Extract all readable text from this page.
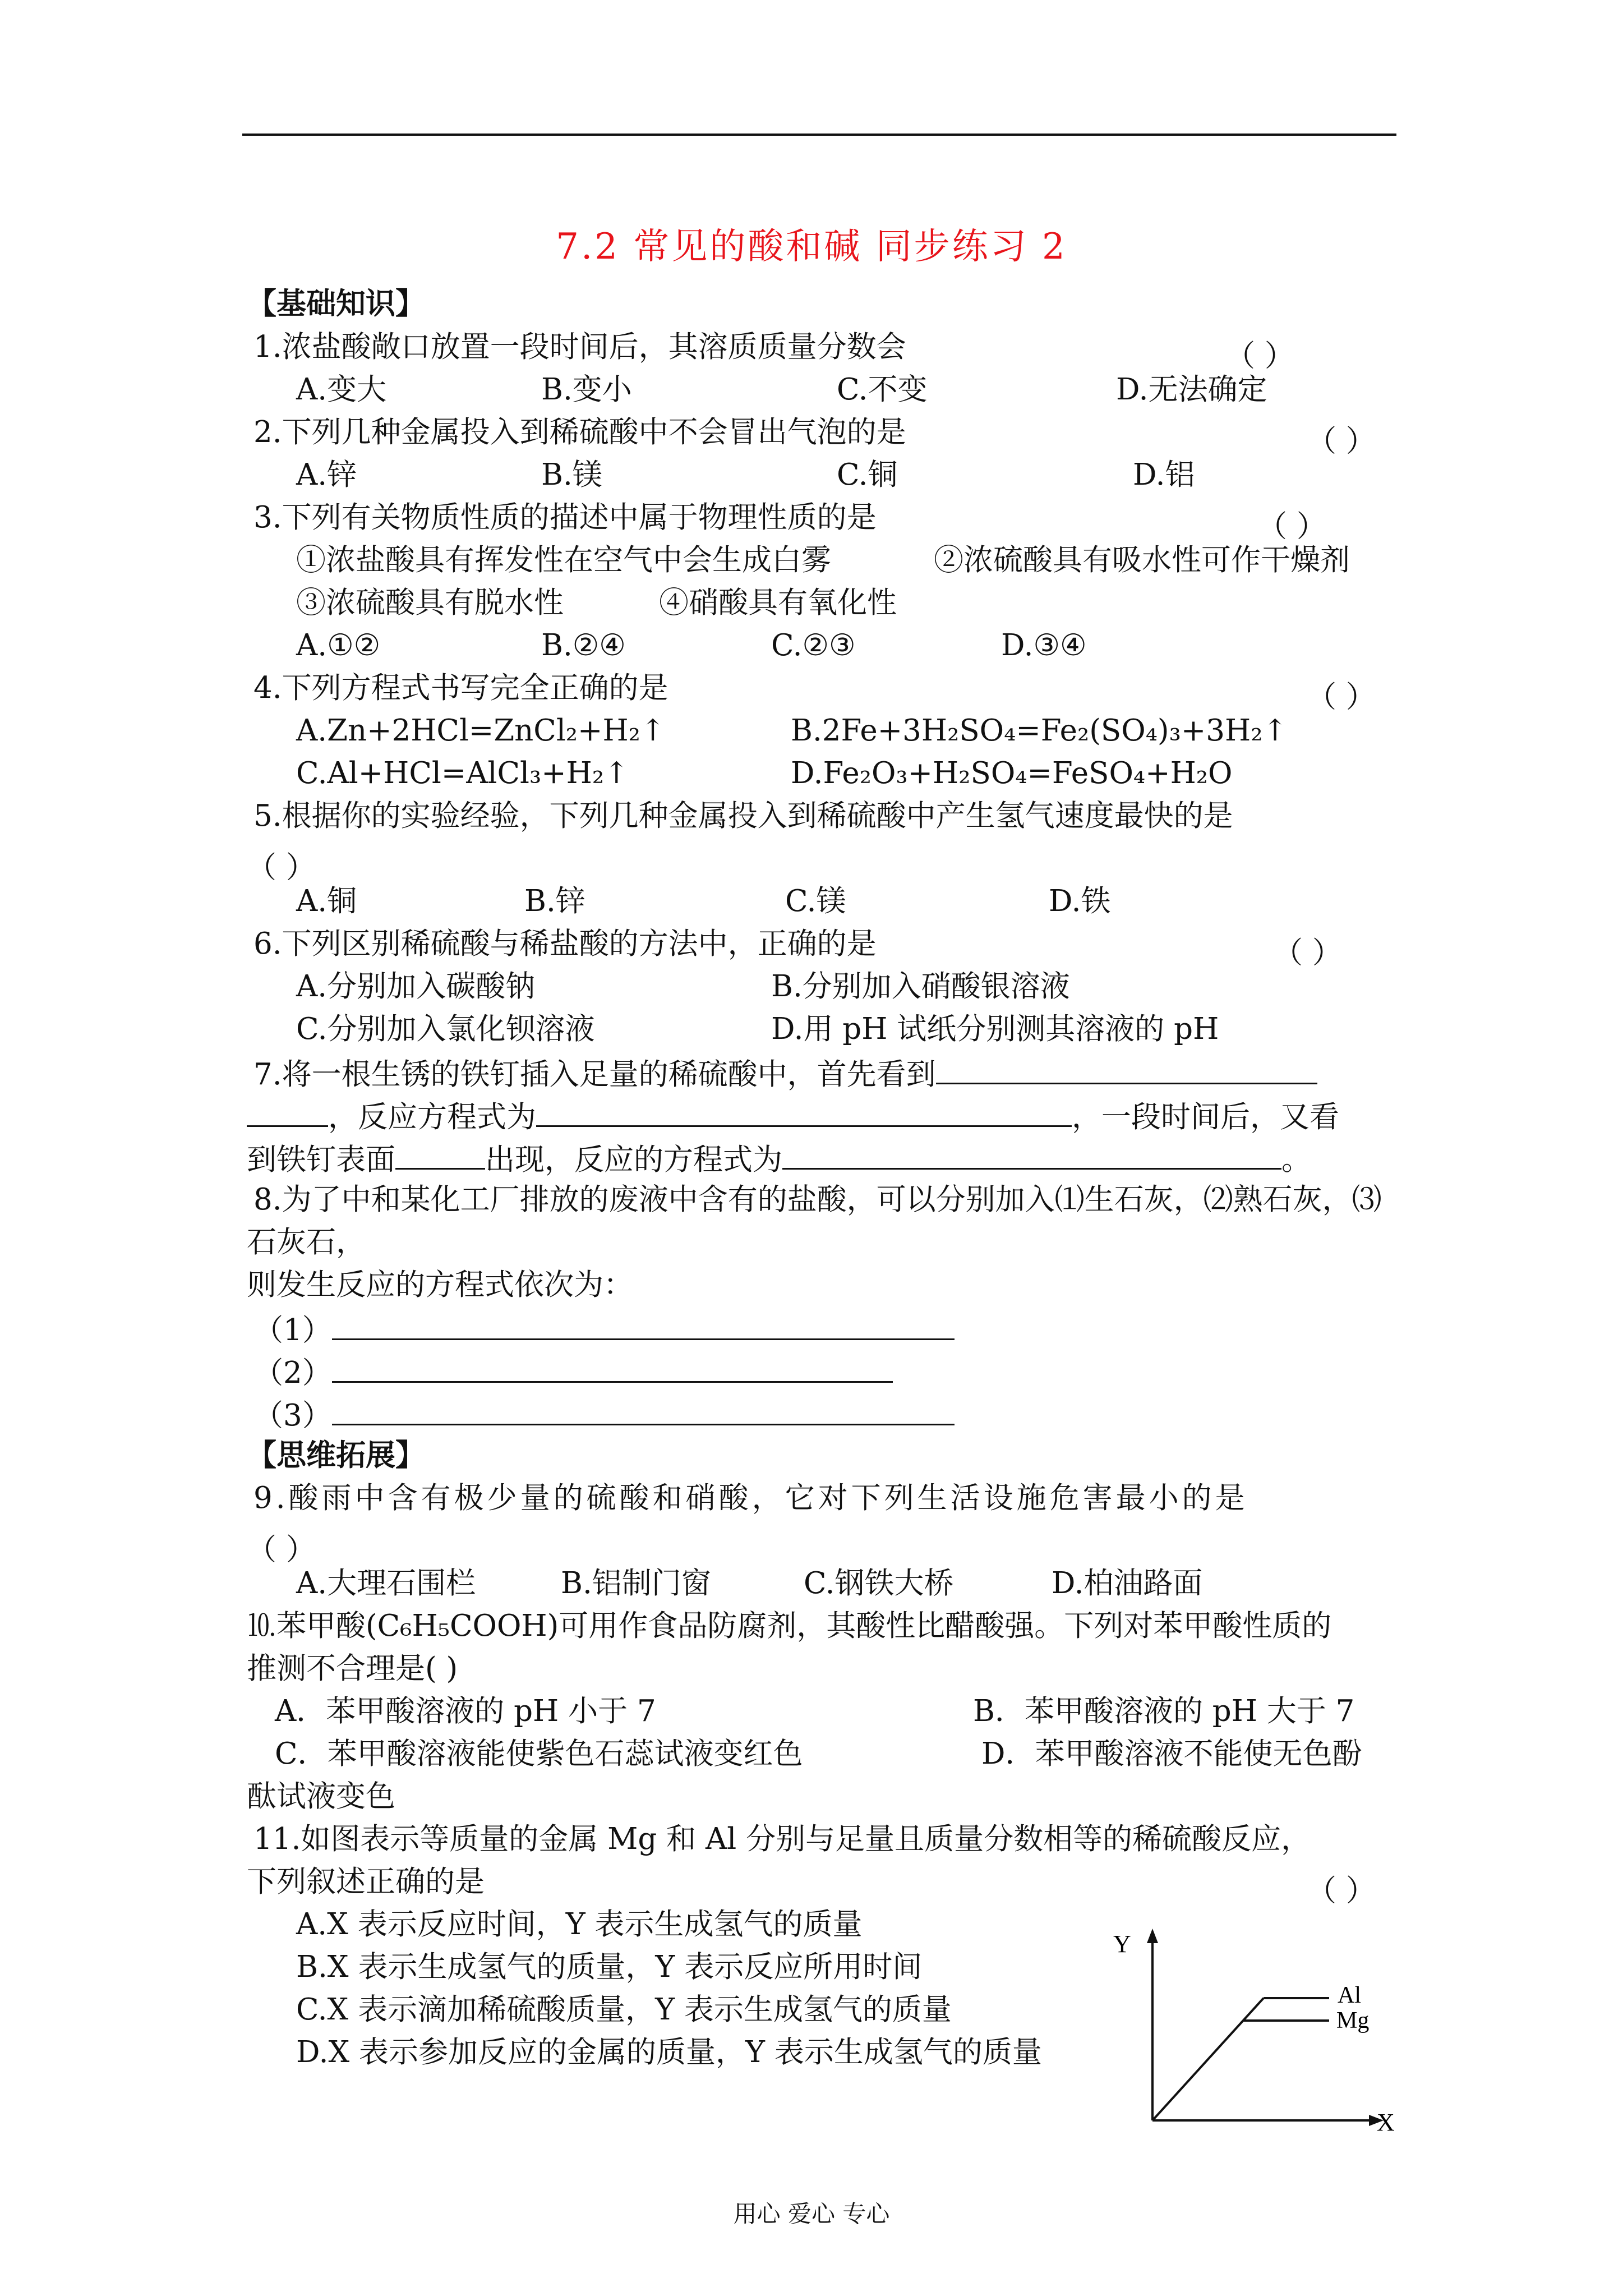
7.2 常见的酸和碱 同步练习 2
【基础知识】
1.浓盐酸敞口放置一段时间后，其溶质质量分数会	（ ）
A.变大	B.变小	C.不变	D.无法确定
2.下列几种金属投入到稀硫酸中不会冒出气泡的是	（ ）
A.锌	B.镁	C.铜	D.铝
3.下列有关物质性质的描述中属于物理性质的是	（ ）
①浓盐酸具有挥发性在空气中会生成白雾	②浓硫酸具有吸水性可作干燥剂
③浓硫酸具有脱水性	④硝酸具有氧化性
A.①②	B.②④	C.②③	D.③④
4.下列方程式书写完全正确的是	（ ）
A.Zn+2HCl=ZnCl₂+H₂↑	B.2Fe+3H₂SO₄=Fe₂(SO₄)₃+3H₂↑
C.Al+HCl=AlCl₃+H₂↑	D.Fe₂O₃+H₂SO₄=FeSO₄+H₂O
5.根据你的实验经验，下列几种金属投入到稀硫酸中产生氢气速度最快的是
（ ）
A.铜	B.锌	C.镁	D.铁
6.下列区别稀硫酸与稀盐酸的方法中，正确的是	（ ）
A.分别加入碳酸钠	B.分别加入硝酸银溶液
C.分别加入氯化钡溶液	D.用 pH 试纸分别测其溶液的 pH
7.将一根生锈的铁钉插入足量的稀硫酸中，首先看到
，反应方程式为	，一段时间后，又看
到铁钉表面	出现，反应的方程式为	。
8.为了中和某化工厂排放的废液中含有的盐酸，可以分别加入⑴生石灰，⑵熟石灰，⑶
石灰石，
则发生反应的方程式依次为：
（1）
（2）
（3）
【思维拓展】
9.酸雨中含有极少量的硫酸和硝酸，它对下列生活设施危害最小的是
（ ）
A.大理石围栏	B.铝制门窗	C.钢铁大桥	D.柏油路面
⒑苯甲酸(C₆H₅COOH)可用作食品防腐剂，其酸性比醋酸强。下列对苯甲酸性质的
推测不合理是( )
A．苯甲酸溶液的 pH 小于 7	B．苯甲酸溶液的 pH 大于 7
C．苯甲酸溶液能使紫色石蕊试液变红色	D．苯甲酸溶液不能使无色酚
酞试液变色
11.如图表示等质量的金属 Mg 和 Al 分别与足量且质量分数相等的稀硫酸反应，
下列叙述正确的是	（ ）
A.X 表示反应时间，Y 表示生成氢气的质量
B.X 表示生成氢气的质量，Y 表示反应所用时间
C.X 表示滴加稀硫酸质量，Y 表示生成氢气的质量
D.X 表示参加反应的金属的质量，Y 表示生成氢气的质量
Y
X
Al
Mg
用心 爱心 专心
